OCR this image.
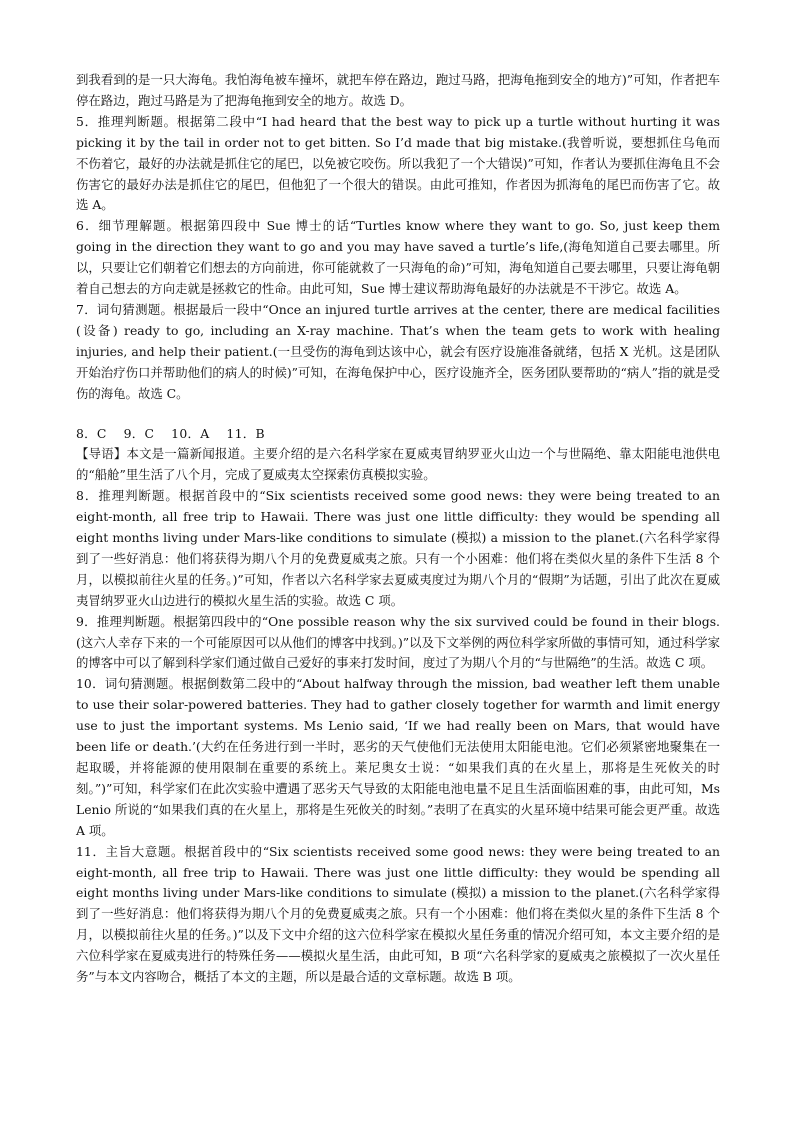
到我看到的是一只大海龟。我怕海龟被车撞坏，就把车停在路边，跑过马路，把海龟拖到安全的地方)”可知，作者把车停在路边，跑过马路是为了把海龟拖到安全的地方。故选 D。

5．推理判断题。根据第二段中“I had heard that the best way to pick up a turtle without hurting it was picking it by the tail in order not to get bitten. So I’d made that big mistake.(我曾听说，要想抓住乌龟而不伤着它，最好的办法就是抓住它的尾巴，以免被它咬伤。所以我犯了一个大错误)”可知，作者认为要抓住海龟且不会伤害它的最好办法是抓住它的尾巴，但他犯了一个很大的错误。由此可推知，作者因为抓海龟的尾巴而伤害了它。故选 A。

6．细节理解题。根据第四段中 Sue 博士的话“Turtles know where they want to go. So, just keep them going in the direction they want to go and you may have saved a turtle’s life,(海龟知道自己要去哪里。所以，只要让它们朝着它们想去的方向前进，你可能就救了一只海龟的命)”可知，海龟知道自己要去哪里，只要让海龟朝着自己想去的方向走就是拯救它的性命。由此可知，Sue 博士建议帮助海龟最好的办法就是不干涉它。故选 A。

7．词句猜测题。根据最后一段中“Once an injured turtle arrives at the center, there are medical facilities (设备) ready to go, including an X-ray machine. That’s when the team gets to work with healing injuries, and help their patient.(一旦受伤的海龟到达该中心，就会有医疗设施准备就绪，包括 X 光机。这是团队开始治疗伤口并帮助他们的病人的时候)”可知，在海龟保护中心，医疗设施齐全，医务团队要帮助的“病人”指的就是受伤的海龟。故选 C。

8．C　 9．C　 10．A　 11．B

【导语】本文是一篇新闻报道。主要介绍的是六名科学家在夏威夷冒纳罗亚火山边一个与世隔绝、靠太阳能电池供电的“船舱”里生活了八个月，完成了夏威夷太空探索仿真模拟实验。

8．推理判断题。根据首段中的“Six scientists received some good news: they were being treated to an eight-month, all free trip to Hawaii. There was just one little difficulty: they would be spending all eight months living under Mars-like conditions to simulate (模拟) a mission to the planet.(六名科学家得到了一些好消息：他们将获得为期八个月的免费夏威夷之旅。只有一个小困难：他们将在类似火星的条件下生活 8 个月，以模拟前往火星的任务。)”可知，作者以六名科学家去夏威夷度过为期八个月的“假期”为话题，引出了此次在夏威夷冒纳罗亚火山边进行的模拟火星生活的实验。故选 C 项。

9．推理判断题。根据第四段中的“One possible reason why the six survived could be found in their blogs.(这六人幸存下来的一个可能原因可以从他们的博客中找到。)”以及下文举例的两位科学家所做的事情可知，通过科学家的博客中可以了解到科学家们通过做自己爱好的事来打发时间，度过了为期八个月的“与世隔绝”的生活。故选 C 项。

10．词句猜测题。根据倒数第二段中的“About halfway through the mission, bad weather left them unable to use their solar-powered batteries. They had to gather closely together for warmth and limit energy use to just the important systems. Ms Lenio said, ‘If we had really been on Mars, that would have been life or death.’(大约在任务进行到一半时，恶劣的天气使他们无法使用太阳能电池。它们必须紧密地聚集在一起取暖，并将能源的使用限制在重要的系统上。莱尼奥女士说：“如果我们真的在火星上，那将是生死攸关的时刻。”)”可知，科学家们在此次实验中遭遇了恶劣天气导致的太阳能电池电量不足且生活面临困难的事，由此可知，Ms Lenio 所说的“如果我们真的在火星上，那将是生死攸关的时刻。”表明了在真实的火星环境中结果可能会更严重。故选 A 项。

11．主旨大意题。根据首段中的“Six scientists received some good news: they were being treated to an eight-month, all free trip to Hawaii. There was just one little difficulty: they would be spending all eight months living under Mars-like conditions to simulate (模拟) a mission to the planet.(六名科学家得到了一些好消息：他们将获得为期八个月的免费夏威夷之旅。只有一个小困难：他们将在类似火星的条件下生活 8 个月，以模拟前往火星的任务。)”以及下文中介绍的这六位科学家在模拟火星任务重的情况介绍可知，本文主要介绍的是六位科学家在夏威夷进行的特殊任务——模拟火星生活，由此可知，B 项“六名科学家的夏威夷之旅模拟了一次火星任务”与本文内容吻合，概括了本文的主题，所以是最合适的文章标题。故选 B 项。
